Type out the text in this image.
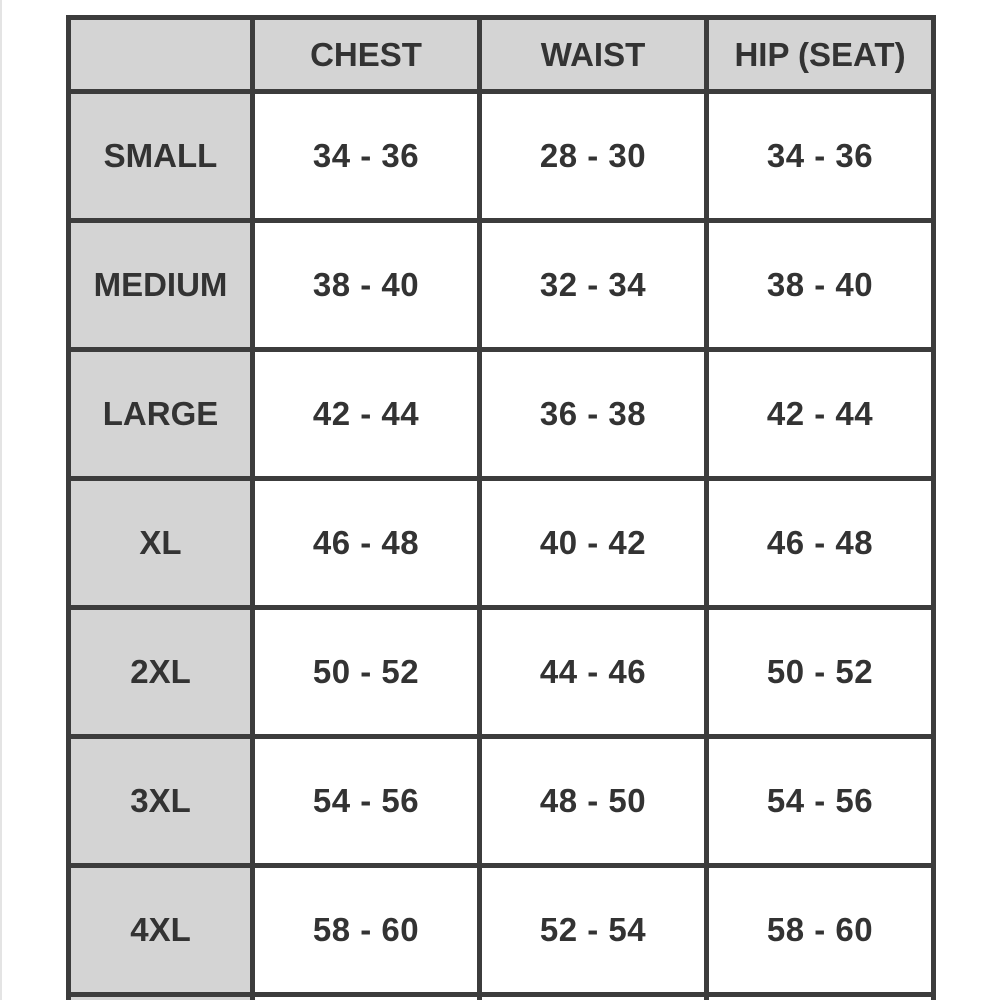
	CHEST	WAIST	HIP (SEAT)
SMALL	34 - 36	28 - 30	34 - 36
MEDIUM	38 - 40	32 - 34	38 - 40
LARGE	42 - 44	36 - 38	42 - 44
XL	46 - 48	40 - 42	46 - 48
2XL	50 - 52	44 - 46	50 - 52
3XL	54 - 56	48 - 50	54 - 56
4XL	58 - 60	52 - 54	58 - 60
